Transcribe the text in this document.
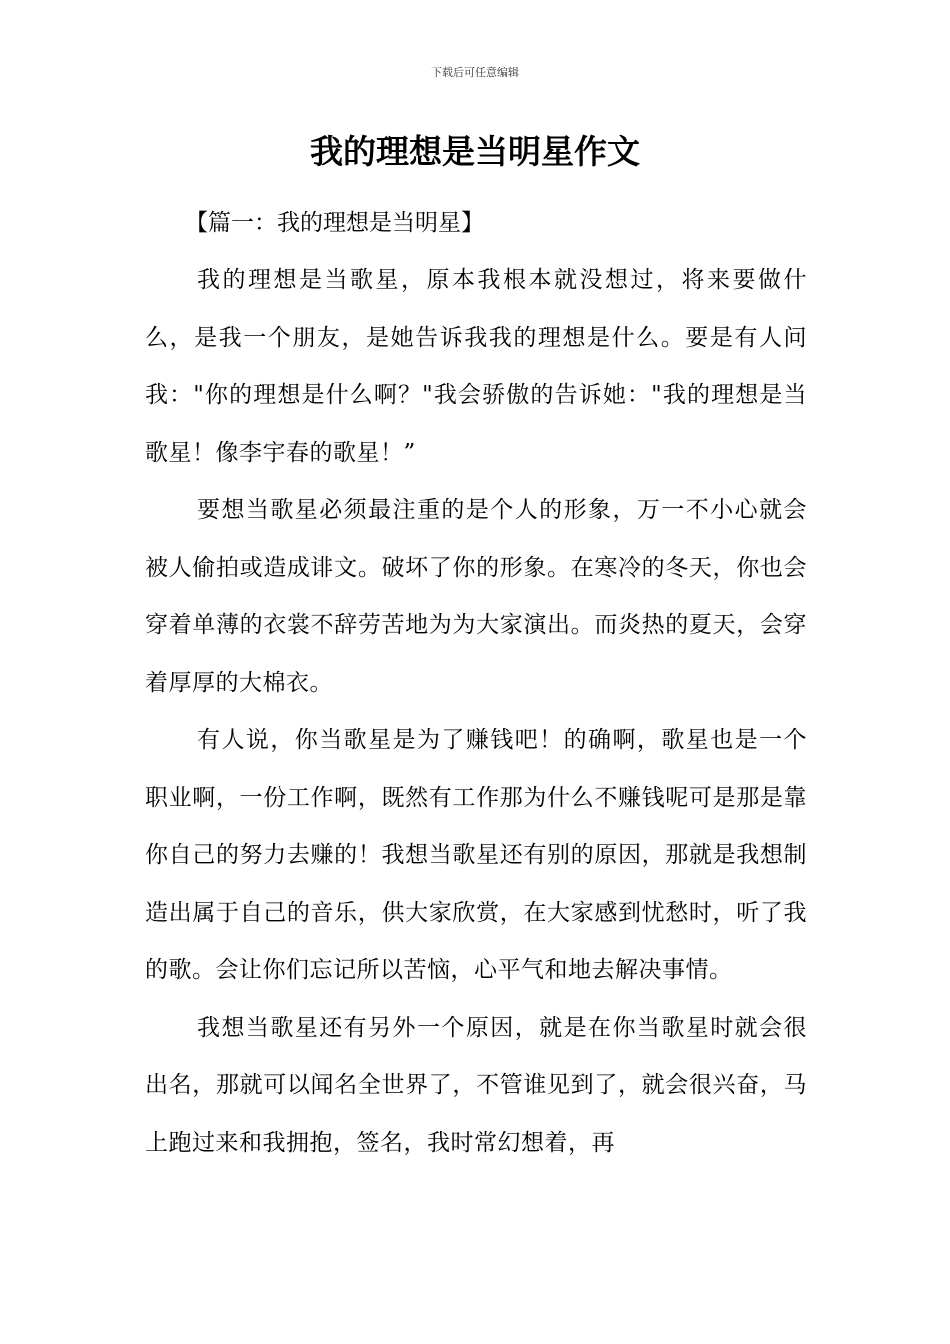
下载后可任意编辑
我的理想是当明星作文

【篇一：我的理想是当明星】

我的理想是当歌星，原本我根本就没想过，将来要做什么，是我一个朋友，是她告诉我我的理想是什么。要是有人问我："你的理想是什么啊？"我会骄傲的告诉她："我的理想是当歌星！像李宇春的歌星！”

要想当歌星必须最注重的是个人的形象，万一不小心就会被人偷拍或造成诽文。破坏了你的形象。在寒冷的冬天，你也会穿着单薄的衣裳不辞劳苦地为为大家演出。而炎热的夏天，会穿着厚厚的大棉衣。

有人说，你当歌星是为了赚钱吧！的确啊，歌星也是一个职业啊，一份工作啊，既然有工作那为什么不赚钱呢可是那是靠你自己的努力去赚的！我想当歌星还有别的原因，那就是我想制造出属于自己的音乐，供大家欣赏，在大家感到忧愁时，听了我的歌。会让你们忘记所以苦恼，心平气和地去解决事情。

我想当歌星还有另外一个原因，就是在你当歌星时就会很出名，那就可以闻名全世界了，不管谁见到了，就会很兴奋，马上跑过来和我拥抱，签名，我时常幻想着，再
